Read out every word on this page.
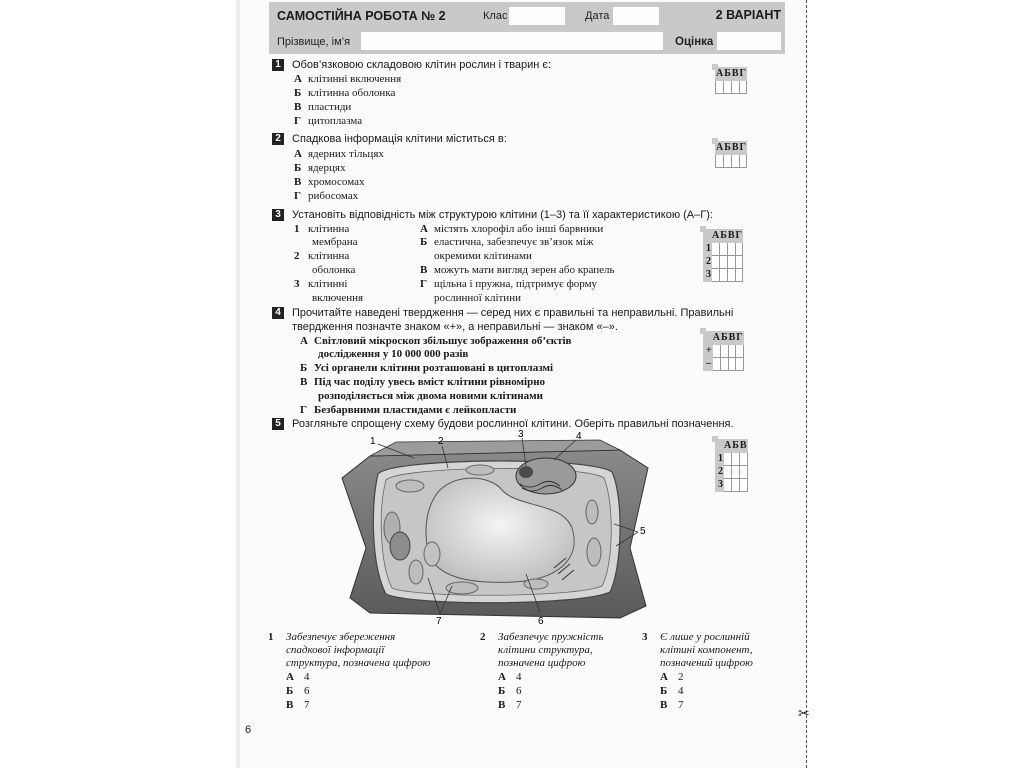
✂
САМОСТІЙНА РОБОТА № 2	Клас	Дата	2 ВАРІАНТ
Прізвище, ім’я	Оцінка
1 Обов’язковою складовою клітин рослин і тварин є:
А клітинні включення
Б клітинна оболонка
В пластиди
Г цитоплазма
А	Б	В	Г

2 Спадкова інформація клітини міститься в:
А ядерних тільцях
Б ядерцях
В хромосомах
Г рибосомах
А	Б	В	Г

3 Установіть відповідність між структурою клітини (1–3) та її характеристикою (А–Г):
1 клітинна
мембрана
2 клітинна
оболонка
3 клітинні
включення
А містять хлорофіл або інші барвники
Б еластична, забезпечує зв’язок між
окремими клітинами
В можуть мати вигляд зерен або крапель
Г щільна і пружна, підтримує форму
рослинної клітини
	А	Б	В	Г
1				
2				
3				
4 Прочитайте наведені твердження — серед них є правильні та неправильні. Правильні
твердження позначте знаком «+», а неправильні — знаком «–».
А Світловий мікроскоп збільшує зображення об’єктів
дослідження у 10 000 000 разів
Б Усі органели клітини розташовані в цитоплазмі
В Під час поділу увесь вміст клітини рівномірно
розподіляється між двома новими клітинами
Г Безбарвними пластидами є лейкопласти
	А	Б	В	Г
+				
–				
5 Розгляньте спрощену схему будови рослинної клітини. Оберіть правильні позначення.
	А	Б	В
1			
2			
3			
1	2
3	4
5
6
7
1 Забезпечує збереження
спадкової інформації
структура, позначена цифрою
А 4
Б 6
В 7
2 Забезпечує пружність
клітини структура,
позначена цифрою
А 4
Б 6
В 7
3 Є лише у рослинній
клітині компонент,
позначений цифрою
А 2
Б 4
В 7
6
